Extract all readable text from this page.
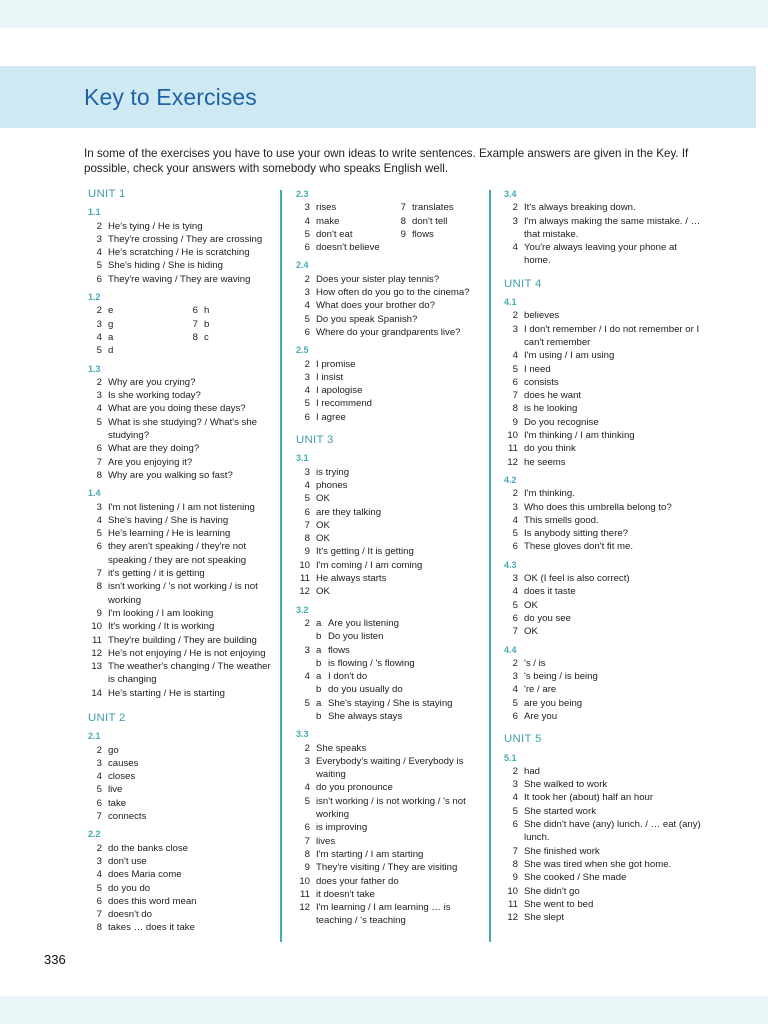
Key to Exercises
In some of the exercises you have to use your own ideas to write sentences. Example answers are given in the Key. If possible, check your answers with somebody who speaks English well.
UNIT 1
1.1
2 He's tying / He is tying
3 They're crossing / They are crossing
4 He's scratching / He is scratching
5 She's hiding / She is hiding
6 They're waving / They are waving
1.2
2 e
3 g
4 a
5 d
6 h
7 b
8 c
1.3
2 Why are you crying?
3 Is she working today?
4 What are you doing these days?
5 What is she studying? / What's she studying?
6 What are they doing?
7 Are you enjoying it?
8 Why are you walking so fast?
1.4
3 I'm not listening / I am not listening
4 She's having / She is having
5 He's learning / He is learning
6 they aren't speaking / they're not speaking / they are not speaking
7 it's getting / it is getting
8 isn't working / 's not working / is not working
9 I'm looking / I am looking
10 It's working / It is working
11 They're building / They are building
12 He's not enjoying / He is not enjoying
13 The weather's changing / The weather is changing
14 He's starting / He is starting
UNIT 2
2.1
2 go
3 causes
4 closes
5 live
6 take
7 connects
2.2
2 do the banks close
3 don't use
4 does Maria come
5 do you do
6 does this word mean
7 doesn't do
8 takes … does it take
2.3
3 rises
4 make
5 don't eat
6 doesn't believe
7 translates
8 don't tell
9 flows
2.4
2 Does your sister play tennis?
3 How often do you go to the cinema?
4 What does your brother do?
5 Do you speak Spanish?
6 Where do your grandparents live?
2.5
2 I promise
3 I insist
4 I apologise
5 I recommend
6 I agree
UNIT 3
3.1
3 is trying
4 phones
5 OK
6 are they talking
7 OK
8 OK
9 It's getting / It is getting
10 I'm coming / I am coming
11 He always starts
12 OK
3.2
2 a Are you listening
b Do you listen
3 a flows
b is flowing / 's flowing
4 a I don't do
b do you usually do
5 a She's staying / She is staying
b She always stays
3.3
2 She speaks
3 Everybody's waiting / Everybody is waiting
4 do you pronounce
5 isn't working / is not working / 's not working
6 is improving
7 lives
8 I'm starting / I am starting
9 They're visiting / They are visiting
10 does your father do
11 it doesn't take
12 I'm learning / I am learning … is teaching / 's teaching
3.4
2 It's always breaking down.
3 I'm always making the same mistake. / … that mistake.
4 You're always leaving your phone at home.
UNIT 4
4.1
2 believes
3 I don't remember / I do not remember or I can't remember
4 I'm using / I am using
5 I need
6 consists
7 does he want
8 is he looking
9 Do you recognise
10 I'm thinking / I am thinking
11 do you think
12 he seems
4.2
2 I'm thinking.
3 Who does this umbrella belong to?
4 This smells good.
5 Is anybody sitting there?
6 These gloves don't fit me.
4.3
3 OK (I feel is also correct)
4 does it taste
5 OK
6 do you see
7 OK
4.4
2 's / is
3 's being / is being
4 're / are
5 are you being
6 Are you
UNIT 5
5.1
2 had
3 She walked to work
4 It took her (about) half an hour
5 She started work
6 She didn't have (any) lunch. / … eat (any) lunch.
7 She finished work
8 She was tired when she got home.
9 She cooked / She made
10 She didn't go
11 She went to bed
12 She slept
336
